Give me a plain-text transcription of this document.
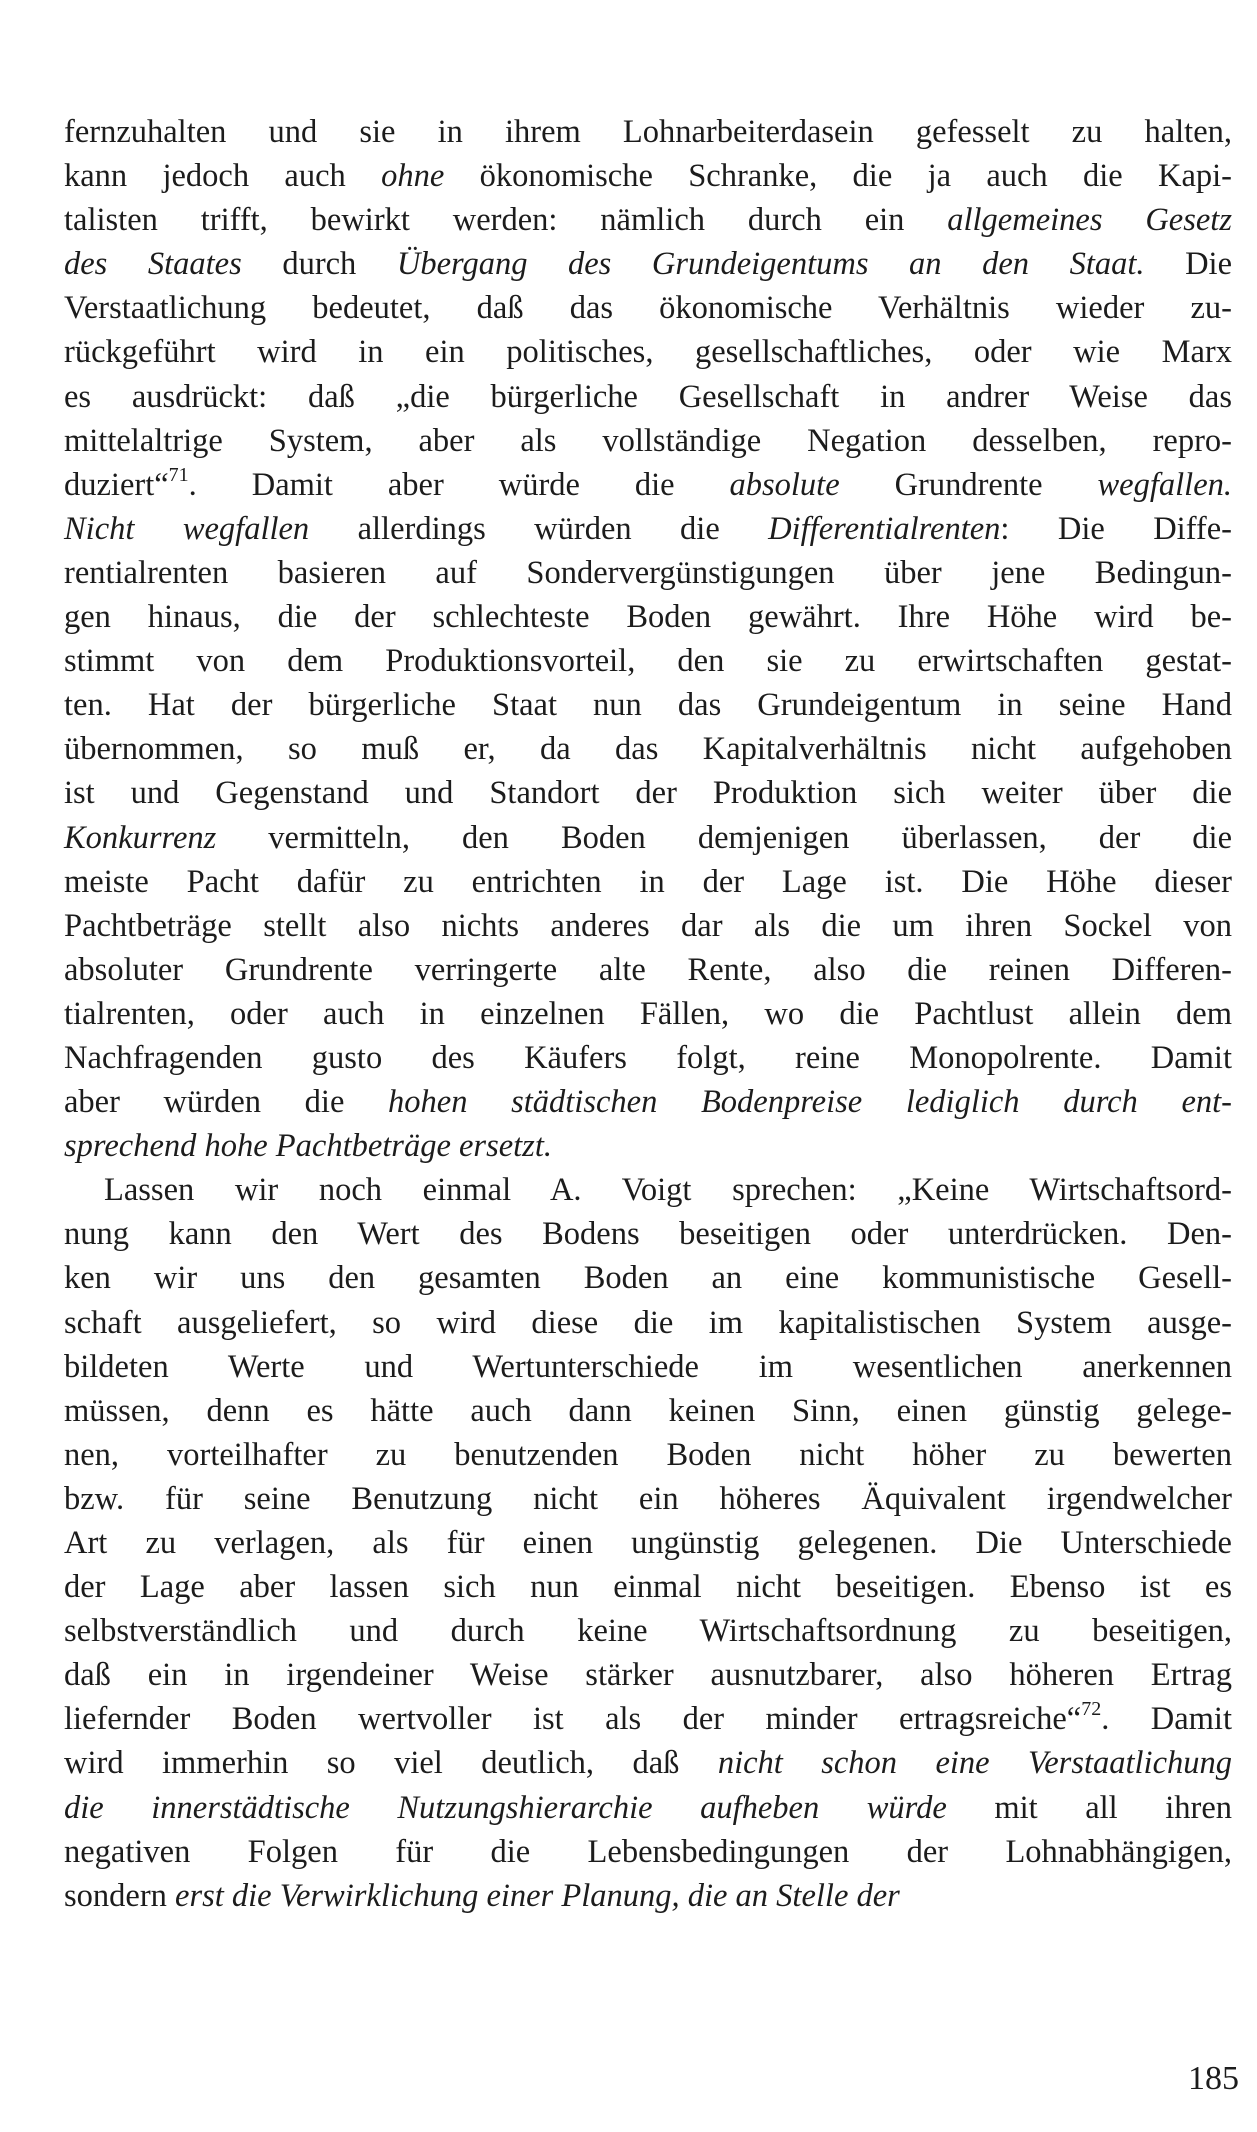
fernzuhalten und sie in ihrem Lohnarbeiterdasein gefesselt zu halten,
kann jedoch auch ohne ökonomische Schranke, die ja auch die Kapi-
talisten trifft, bewirkt werden: nämlich durch ein allgemeines Gesetz
des Staates durch Übergang des Grundeigentums an den Staat. Die
Verstaatlichung bedeutet, daß das ökonomische Verhältnis wieder zu-
rückgeführt wird in ein politisches, gesellschaftliches, oder wie Marx
es ausdrückt: daß „die bürgerliche Gesellschaft in andrer Weise das
mittelaltrige System, aber als vollständige Negation desselben, repro-
duziert“$^{71}$. Damit aber würde die absolute Grundrente wegfallen.
Nicht wegfallen allerdings würden die Differentialrenten: Die Diffe-
rentialrenten basieren auf Sondervergünstigungen über jene Bedingun-
gen hinaus, die der schlechteste Boden gewährt. Ihre Höhe wird be-
stimmt von dem Produktionsvorteil, den sie zu erwirtschaften gestat-
ten. Hat der bürgerliche Staat nun das Grundeigentum in seine Hand
übernommen, so muß er, da das Kapitalverhältnis nicht aufgehoben
ist und Gegenstand und Standort der Produktion sich weiter über die
Konkurrenz vermitteln, den Boden demjenigen überlassen, der die
meiste Pacht dafür zu entrichten in der Lage ist. Die Höhe dieser
Pachtbeträge stellt also nichts anderes dar als die um ihren Sockel von
absoluter Grundrente verringerte alte Rente, also die reinen Differen-
tialrenten, oder auch in einzelnen Fällen, wo die Pachtlust allein dem
Nachfragenden gusto des Käufers folgt, reine Monopolrente. Damit
aber würden die hohen städtischen Bodenpreise lediglich durch ent-
sprechend hohe Pachtbeträge ersetzt.
Lassen wir noch einmal A. Voigt sprechen: „Keine Wirtschaftsord-
nung kann den Wert des Bodens beseitigen oder unterdrücken. Den-
ken wir uns den gesamten Boden an eine kommunistische Gesell-
schaft ausgeliefert, so wird diese die im kapitalistischen System ausge-
bildeten Werte und Wertunterschiede im wesentlichen anerkennen
müssen, denn es hätte auch dann keinen Sinn, einen günstig gelege-
nen, vorteilhafter zu benutzenden Boden nicht höher zu bewerten
bzw. für seine Benutzung nicht ein höheres Äquivalent irgendwelcher
Art zu verlagen, als für einen ungünstig gelegenen. Die Unterschiede
der Lage aber lassen sich nun einmal nicht beseitigen. Ebenso ist es
selbstverständlich und durch keine Wirtschaftsordnung zu beseitigen,
daß ein in irgendeiner Weise stärker ausnutzbarer, also höheren Ertrag
liefernder Boden wertvoller ist als der minder ertragsreiche“$^{72}$. Damit
wird immerhin so viel deutlich, daß nicht schon eine Verstaatlichung
die innerstädtische Nutzungshierarchie aufheben würde mit all ihren
negativen Folgen für die Lebensbedingungen der Lohnabhängigen,
sondern erst die Verwirklichung einer Planung, die an Stelle der
185
